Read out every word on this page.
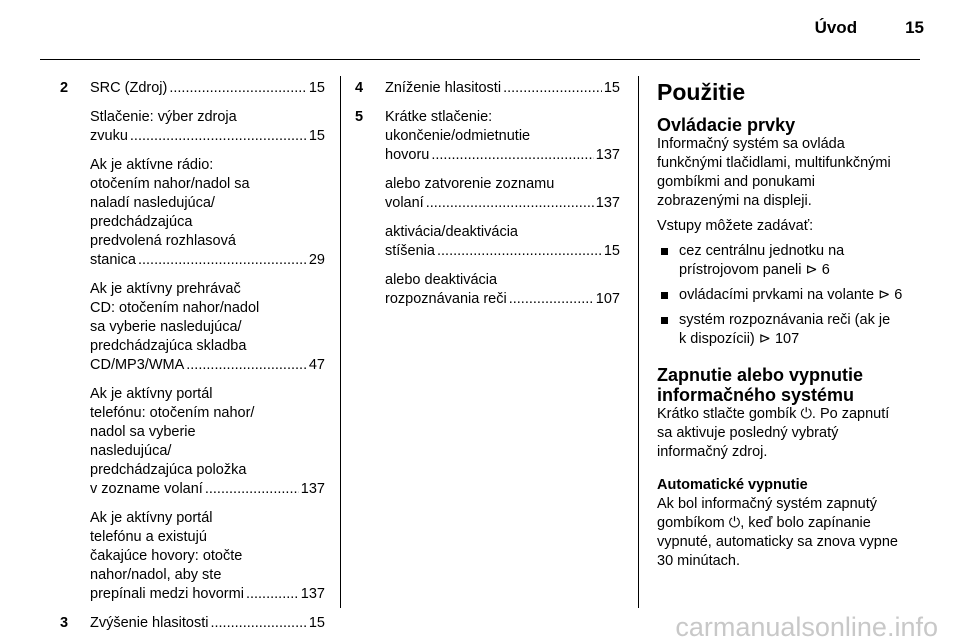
Úvod	15
2	SRC (Zdroj) .....	15
Stlačenie: výber zdroja
zvuku .....	15
Ak je aktívne rádio:
otočením nahor/nadol sa
naladí nasledujúca/
predchádzajúca
predvolená rozhlasová
stanica .....	29
Ak je aktívny prehrávač
CD: otočením nahor/nadol
sa vyberie nasledujúca/
predchádzajúca skladba
CD/MP3/WMA .....	47
Ak je aktívny portál
telefónu: otočením nahor/
nadol sa vyberie
nasledujúca/
predchádzajúca položka
v zozname volaní .....	137
Ak je aktívny portál
telefónu a existujú
čakajúce hovory: otočte
nahor/nadol, aby ste
prepínali medzi hovormi .....	137
3	Zvýšenie hlasitosti .....	15
4	Zníženie hlasitosti .....	15
5	Krátke stlačenie:
ukončenie/odmietnutie
hovoru .....	137
alebo zatvorenie zoznamu
volaní .....	137
aktivácia/deaktivácia
stíšenia .....	15
alebo deaktivácia
rozpoznávania reči .....	107
Použitie
Ovládacie prvky

Informačný systém sa ovláda
funkčnými tlačidlami, multifunkčnými
gombíkmi and ponukami
zobrazenými na displeji.

Vstupy môžete zadávať:

cez centrálnu jednotku na
prístrojovom paneli ⊳ 6
ovládacími prvkami na volante ⊳ 6
systém rozpoznávania reči (ak je
k dispozícii) ⊳ 107
Zapnutie alebo vypnutie
informačného systému

Krátko stlačte gombík ⏻. Po zapnutí
sa aktivuje posledný vybratý
informačný zdroj.

Automatické vypnutie

Ak bol informačný systém zapnutý
gombíkom ⏻, keď bolo zapínanie
vypnuté, automaticky sa znova vypne
30 minútach.

carmanualsonline.info
